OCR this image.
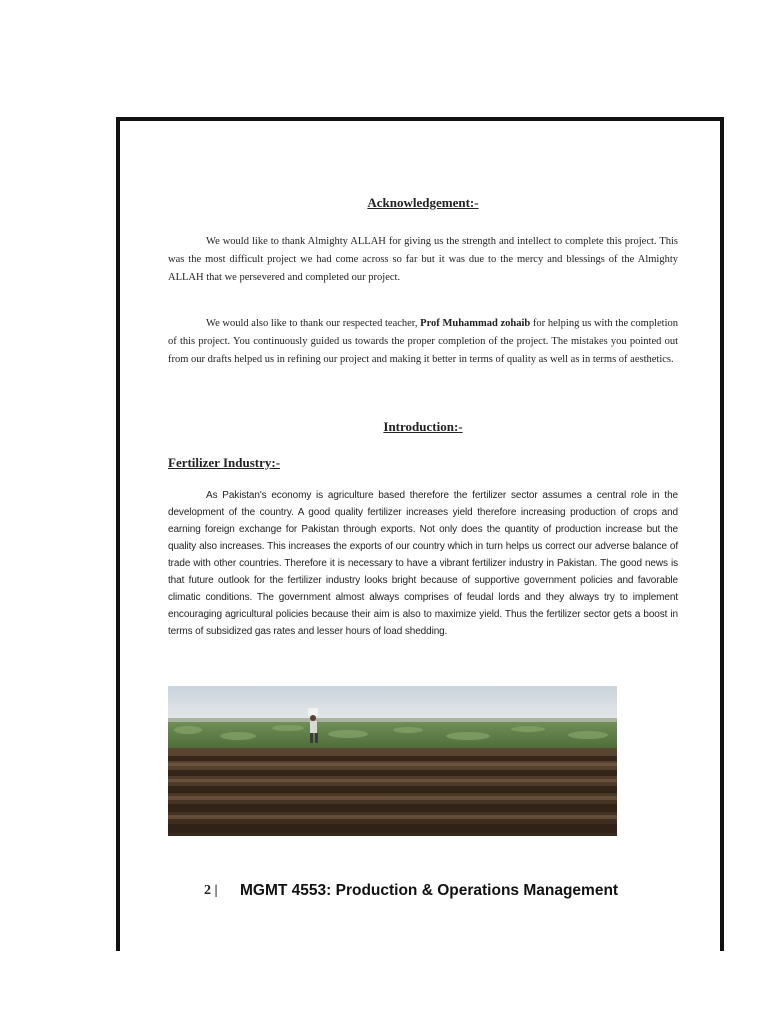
Acknowledgement:-

We would like to thank Almighty ALLAH for giving us the strength and intellect to complete this project. This was the most difficult project we had come across so far but it was due to the mercy and blessings of the Almighty ALLAH that we persevered and completed our project.

We would also like to thank our respected teacher, Prof Muhammad zohaib for helping us with the completion of this project. You continuously guided us towards the proper completion of the project. The mistakes you pointed out from our drafts helped us in refining our project and making it better in terms of quality as well as in terms of aesthetics.

Introduction:-
Fertilizer Industry:-

As Pakistan's economy is agriculture based therefore the fertilizer sector assumes a central role in the development of the country. A good quality fertilizer increases yield therefore increasing production of crops and earning foreign exchange for Pakistan through exports. Not only does the quantity of production increase but the quality also increases. This increases the exports of our country which in turn helps us correct our adverse balance of trade with other countries. Therefore it is necessary to have a vibrant fertilizer industry in Pakistan. The good news is that future outlook for the fertilizer industry looks bright because of supportive government policies and favorable climatic conditions. The government almost always comprises of feudal lords and they always try to implement encouraging agricultural policies because their aim is also to maximize yield. Thus the fertilizer sector gets a boost in terms of subsidized gas rates and lesser hours of load shedding.

2 | MGMT 4553: Production & Operations Management
